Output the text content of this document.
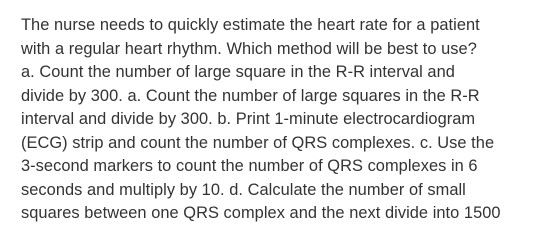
The nurse needs to quickly estimate the heart rate for a patient
with a regular heart rhythm. Which method will be best to use?
a. Count the number of large square in the R-R interval and
divide by 300. a. Count the number of large squares in the R-R
interval and divide by 300. b. Print 1-minute electrocardiogram
(ECG) strip and count the number of QRS complexes. c. Use the
3-second markers to count the number of QRS complexes in 6
seconds and multiply by 10. d. Calculate the number of small
squares between one QRS complex and the next divide into 1500
